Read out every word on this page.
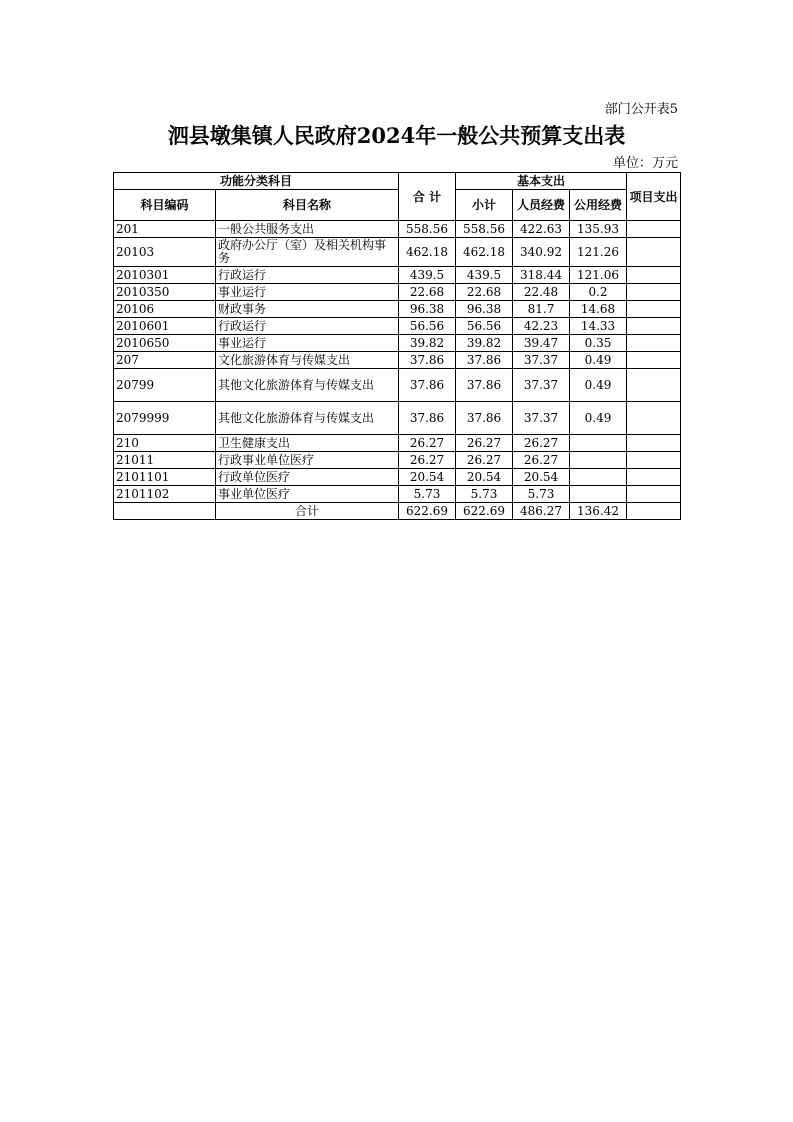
部门公开表5
泗县墩集镇人民政府2024年一般公共预算支出表
单位：万元
功能分类科目		合 计	基本支出			项目支出
科目编码	科目名称		小计	人员经费	公用经费	
201	一般公共服务支出	558.56	558.56	422.63	135.93	
20103	政府办公厅（室）及相关机构事务	462.18	462.18	340.92	121.26	
2010301	行政运行	439.5	439.5	318.44	121.06	
2010350	事业运行	22.68	22.68	22.48	0.2	
20106	财政事务	96.38	96.38	81.7	14.68	
2010601	行政运行	56.56	56.56	42.23	14.33	
2010650	事业运行	39.82	39.82	39.47	0.35	
207	文化旅游体育与传媒支出	37.86	37.86	37.37	0.49	
20799	其他文化旅游体育与传媒支出	37.86	37.86	37.37	0.49	
2079999	其他文化旅游体育与传媒支出	37.86	37.86	37.37	0.49	
210	卫生健康支出	26.27	26.27	26.27		
21011	行政事业单位医疗	26.27	26.27	26.27		
2101101	行政单位医疗	20.54	20.54	20.54		
2101102	事业单位医疗	5.73	5.73	5.73		
	合计	622.69	622.69	486.27	136.42	
